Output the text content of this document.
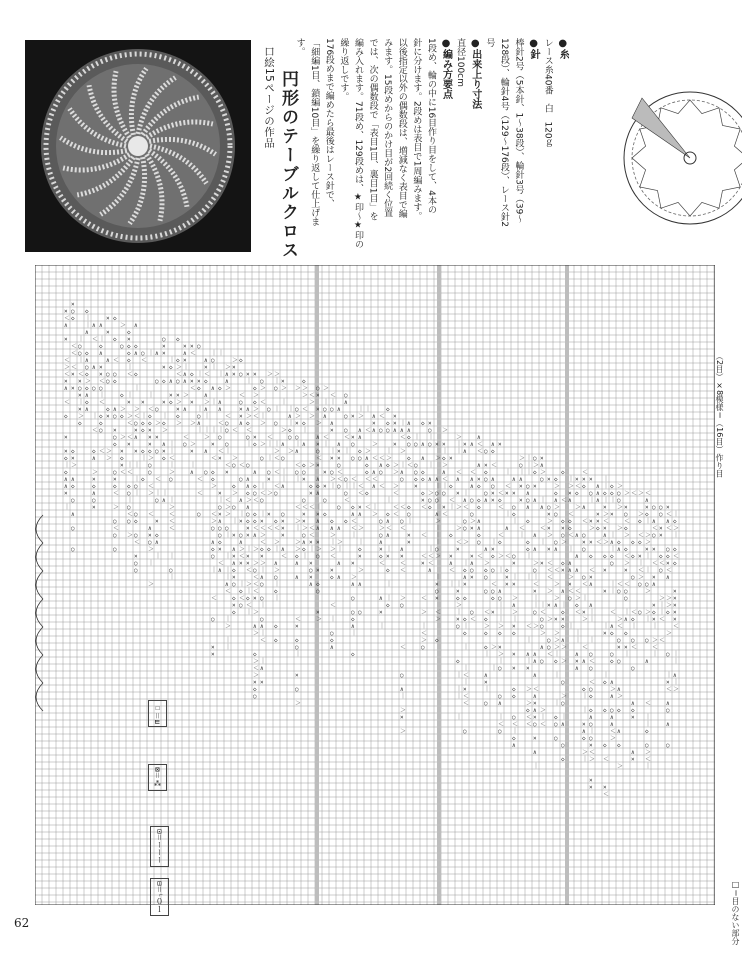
口絵15ページの作品 円形のテーブルクロス
●糸
レース糸40番　白　120ｇ
●針
棒針2号（5本針、1～38段）、輪針3号（39～
128段）、輪針4号（129～176段）、レース針2
号
●出来上り寸法
直径100cm
●編み方要点
1段め、輪の中に16目作り目をして、4本の
針に分けます。2段めは表目で1周編みます。
以後指定以外の偶数段は、増減なく表目で編
みます。15段めからのかけ目が2回続く位置
では、次の偶数段で「表目1目、裏目1目」を
編み入れます。71段め、129段めは、★印～★印の
繰り返しです。
176段めまで編めたら最後はレース針で、
「細編1目、鎖編10目」を繰り返して仕上げま
す。
×
＜
∧
×
＜
＞
＜
×
∧
＜
◇
×
×
◇
｜
◇
∧
∧
×
｜
×
○
◇
＜
＜
＜
×
×
◇
×
＞
∧
◇
○
∧
○
○
｜
○
○
｜
＜
×
○
×
｜
×
＞
◇
◇
｜
｜
∧
◇
∧
○
◇
＞
◇
∧
◇
∧
∧
＜
∧
○
｜
＜
◇
∧
＞
×
◇
∧
○
×
∧
｜
◇
∧
×
×
＜
○
｜
＜
◇
◇
○
＜
×
×
∧
○
○
◇
×
＞
＞
◇
◇
＜
○
◇
∧
○
×
○
◇
○
×
◇
＜
＞
○
＜
○
○
＞
○
◇
＞
◇
＞
×
◇
×
＜
◇
×
◇
◇
◇
｜
＜
｜
×
＞
＜
＜
×
｜
＜
◇
○
｜
○
＜
○
＞
∧
◇
∧
◇
｜
＞
＜
○
×
∧
×
｜
｜
○
｜
○
◇
○
＜
×
○
○
○
＜
×
｜
◇
◇
◇
｜
◇
｜
｜
＜
◇
◇
×
×
×
◇
＞
○
○
＜
＞
＜
∧
×
○
＞
｜
＞
∧
○
○
＞
×
○
＜
｜
○
×
◇
∧
｜
○
×
×
×
◇
×
｜
◇
＞
∧
×
◇
｜
∧
｜
◇
∧
×
◇
｜
｜
＜
｜
＞
○
｜
＞
＜
＜
＜
｜
○
｜
◇
◇
＞
＜
○
×
＞
×
◇
＞
×
∧
×
｜
∧
∧
＞
∧
＜
○
×
＜
◇
×
＜
×
＞
＞
×
｜
∧
○
｜
×
◇
｜
○
∧
｜
＜
＜
○
∧
×
＜
◇
∧
＞
∧
｜
｜
＞
∧
○
｜
○
｜
∧
｜
｜
×
＜
◇
◇
＞
＜
＞
○
∧
◇
○
｜
＜
○
×
×
｜
｜
◇
∧
∧
＜
｜
○
＜
×
×
｜
○
×
∧
○
○
◇
×
＜
∧
＞
∧
∧
＞
＜
○
○
○
｜
＜
×
＜
＞
＞
○
｜
｜
｜
｜
∧
＜
｜
＞
｜
｜
＞
×
×
＜
＞
○
◇
＞
○
｜
×
∧
×
∧
◇
×
○
◇
×
◇
◇
○
＜
○
×
×
∧
＜
○
∧
｜
×
○
∧
＞
＜
×
｜
◇
＜
○
×
｜
∧
＞
◇
＜
○
｜
○
∧
∧
◇
＞
∧
○
◇
×
×
｜
×
×
＜
＞
｜
◇
＜
｜
×
◇
＞
◇
＞
＜
×
◇
∧
◇
○
＜
◇
◇
＜
∧
＞
＞
○
＜
＜
＜
×
＞
∧
＞
◇
＞
＜
＞
×
◇
○
○
＞
＜
｜
＞
＞
○
｜
＜
○
｜
×
＜
＞
＜
◇
×
＞
｜
∧
○
○
｜
○
∧
｜
＜
｜
∧
×
＞
○
＜
｜
｜
○
×
＞
×
＜
◇
＞
｜
○
｜
○
｜
＞
＜
＜
＜
○
◇
＜
＞
｜
∧
＞
○
｜
◇
｜
◇
◇
×
＞
｜
＞
∧
○
｜
｜
∧
○
×
×
×
∧
＜
｜
∧
｜
◇
○
＞
＞
○
＞
×
○
｜
∧
＜
○
｜
＜
＞
｜
＞
＞
◇
∧
∧
＜
×
◇
○
｜
×
○
＞
◇
＞
＞
＜
◇
｜
∧
◇
○
×
○
＜
×
×
＞
○
∧
◇
｜
＜
＞
＞
＞
◇
×
＜
＜
＜
×
｜
×
○
×
∧
○
×
×
＞
∧
×
○
＜
×
∧
◇
∧
｜
×
∧
∧
×
＞
○
×
◇
○
×
＞
＞
｜
○
∧
＜
｜
×
×
○
◇
＜
｜
○
∧
×
｜
×
○
＞
｜
◇
∧
＞
｜
＞
＜
×
◇
＜
｜
○
◇
∧
∧
∧
×
×
○
＜
＜
○
○
∧
＞
｜
∧
∧
○
∧
○
○
＜
｜
○
｜
○
＜
◇
×
×
○
○
＜
｜
◇
∧
＜
＜
｜
×
＞
∧
○
○
◇
∧
｜
◇
｜
＞
∧
∧
◇
○
＜
＜
×
∧
＞
｜
◇
×
＞
∧
○
｜
＜
＞
∧
◇
◇
＜
◇
＜
∧
×
∧
＞
＜
∧
＜
∧
｜
＞
＜
○
＜
∧
○
＜
○
＞
○
∧
×
◇
＜
∧
×
｜
◇
◇
○
｜
＞
◇
｜
◇
∧
＜
∧
｜
×
◇
｜
｜
◇
×
×
∧
×
＞
＞
＞
＜
＜
＜
｜
∧
＜
＞
｜
∧
○
＜
○
＜
∧
×
＜
＜
＞
○
＜
○
∧
｜
＞
×
＞
∧
∧
◇
○
◇
＜
◇
○
｜
×
×
｜
○
○
○
◇
×
◇
∧
∧
◇
◇
◇
×
＜
＜
＜
×
＜
＞
｜
＜
＞
○
×
○
｜
○
｜
∧
＞
○
◇
｜
＜
＜
∧
×
＞
∧
｜
○
○
∧
＞
｜
｜
｜
○
＞
｜
×
○
×
＜
＞
◇
＞
×
｜
◇
＞
∧
＜
｜
○
×
＜
×
◇
＜
｜
◇
×
∧
＜
｜
＞
｜
｜
＜
∧
×
＞
＞
＜
×
｜
×
◇
＞
｜
×
○
◇
｜
｜
｜
｜
×
∧
｜
∧
＜
○
○
＞
｜
◇
∧
×
◇
◇
｜
◇
｜
｜
＜
｜
×
＜
＜
○
∧
＜
∧
∧
○
○
＞
×
×
∧
○
×
○
＜
∧
＜
＜
∧
×
◇
◇
◇
∧
∧
◇
○
＜
○
×
◇
○
○
∧
∧
＞
◇
○
○
＜
◇
＞
◇
◇
｜
∧
×
｜
○
∧
◇
＜
∧
○
×
×
｜
×
◇
○
＜
○
◇
×
＞
｜
×
＜
◇
＜
＜
◇
＞
｜
∧
○
｜
｜
｜
＞
◇
×
＞
｜
○
○
∧
｜
＜
○
｜
＜
×
｜
∧
＜
◇
×
×
∧
×
○
◇
｜
○
×
｜
×
＞
∧
＞
｜
×
◇
×
×
◇
◇
○
＜
｜
◇
∧
＞
○
｜
∧
×
×
＜
｜
｜
｜
｜
○
∧
○
∧
◇
◇
◇
｜
｜
＜
｜
∧
｜
×
＞
＞
◇
＜
＜
○
＞
◇
×
∧
∧
∧
＞
○
｜
＜
×
｜
｜
○
＞
∧
∧
∧
＜
∧
×
∧
×
○
×
∧
｜
×
∧
＞
○
｜
∧
＜
｜
×
｜
＜
○
○
＞
∧
○
＞
｜
＜
×
○
×
＞
×
＞
×
＜
＜
＜
＞
×
＞
○
○
＜
◇
＞
◇
∧
＞
○
○
∧
＜
＞
＞
∧
×
＞
＞
＞
｜
◇
｜
｜
◇
○
○
◇
＜
◇
×
○
＞
◇
×
∧
｜
◇
×
◇
∧
＞
＞
○
＞
○
｜
∧
○
◇
｜
＞
×
∧
＜
◇
◇
＜
｜
∧
∧
＞
×
＜
○
｜
×
＜
◇
＞
∧
∧
∧
＜
＞
◇
＜
｜
｜
∧
×
∧
＜
×
◇
∧
＜
○
×
○
○
＜
｜
×
＞
＜
∧
◇
｜
｜
×
∧
◇
＞
｜
×
○
｜
×
＞
×
◇
＜
×
∧
∧
｜
｜
｜
○
＜
○
＜
○
◇
◇
∧
○
｜
○
×
＜
＞
×
×
∧
∧
∧
×
×
◇
＜
｜
｜
◇
｜
×
＞
＜
×
∧
＞
◇
×
×
｜
×
｜
◇
◇
◇
＜
×
＜
◇
◇
｜
×
｜
∧
｜
◇
○
｜
｜
＜
∧
◇
○
◇
∧
＞
∧
○
∧
∧
＜
＞
＞
○
○
＞
＞
◇
∧
＜
○
＞
＜
○
×
○
∧
＞
◇
∧
◇
＞
＞
×
○
＜
◇
＞
◇
＜
＞
×
＜
○
○
｜
∧
◇
×
｜
＜
◇
◇
○
＜
◇
｜
○
＜
○
∧
◇
×
∧
×
＞
＞
◇
＜
◇
×
｜
＜
＞
○
○
＜
∧
×
◇
｜
＞
＞
×
｜
｜
○
＞
＞
｜
○
∧
＜
｜
｜
◇
○
＞
＜
｜
○
∧
＜
○
×
＜
×
∧
×
◇
×
｜
＞
＜
｜
○
○
×
×
◇
＜
○
＞
｜
｜
＜
＜
×
＜
∧
＜
○
◇
×
＜
∧
＞
＞
◇
＞
○
｜
×
＜
∧
○
∧
○
｜
◇
＞
｜
◇
＜
◇
×
×
×
×
×
＜
｜
｜
∧
｜
＞
☐＝ш
⊠＝⁂
⊡＝ーーー
⊟＝ᴸ０ｌ
（2目）×8模様＝（16目）作り目
□＝目のない部分
62
